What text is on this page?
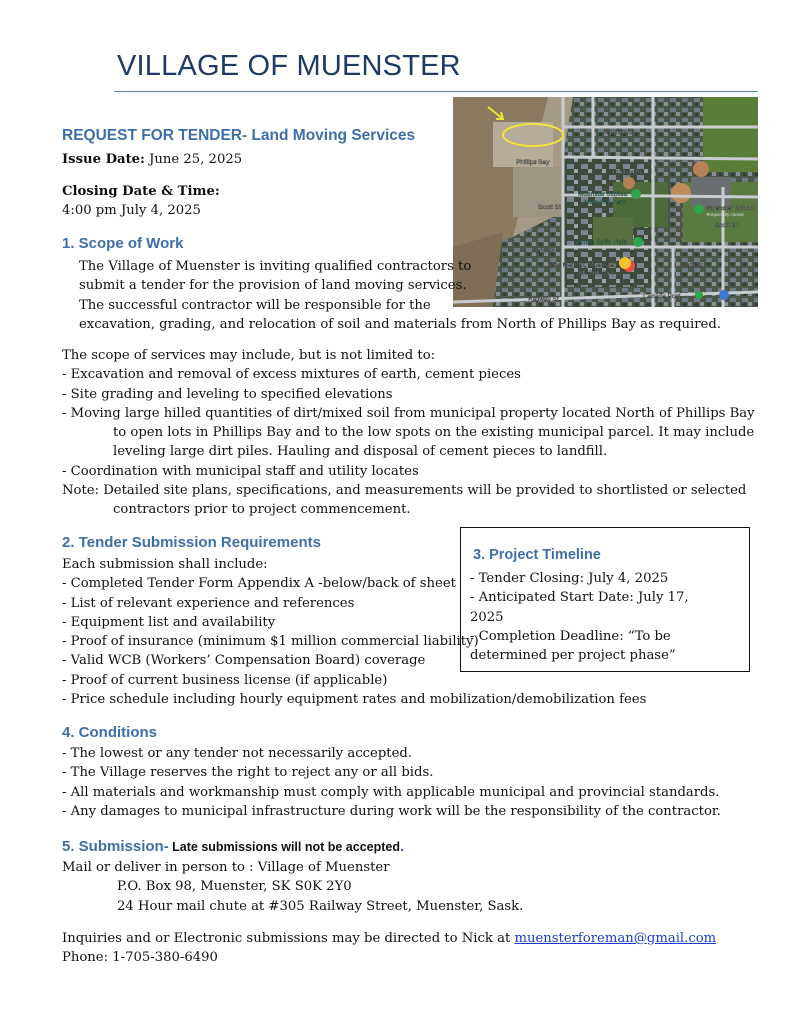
VILLAGE OF MUENSTER
REQUEST FOR TENDER- Land Moving Services
Issue Date: June 25, 2025
Closing Date & Time:
4:00 pm July 4, 2025
Taphorn St
Phillips Bay
Phillips St
Scott St
Scott St
Main St
Main St
Railway St	Canada Post
204 Main St, Muenster,
SK S0K 2Y0
Muenster School
Muenster Jubilee
Memorial Park
James Kuffe Field
Temporarily closed
1. Scope of Work
The Village of Muenster is inviting qualified contractors to
submit a tender for the provision of land moving services.
The successful contractor will be responsible for the
excavation, grading, and relocation of soil and materials from North of Phillips Bay as required.
The scope of services may include, but is not limited to:
- Excavation and removal of excess mixtures of earth, cement pieces
- Site grading and leveling to specified elevations
- Moving large hilled quantities of dirt/mixed soil from municipal property located North of Phillips Bay to open lots in Phillips Bay and to the low spots on the existing municipal parcel. It may include leveling large dirt piles. Hauling and disposal of cement pieces to landfill.
- Coordination with municipal staff and utility locates
Note: Detailed site plans, specifications, and measurements will be provided to shortlisted or selected contractors prior to project commencement.
2. Tender Submission Requirements
Each submission shall include:
- Completed Tender Form Appendix A -below/back of sheet
- List of relevant experience and references
- Equipment list and availability
- Proof of insurance (minimum $1 million commercial liability)
- Valid WCB (Workers’ Compensation Board) coverage
- Proof of current business license (if applicable)
- Price schedule including hourly equipment rates and mobilization/demobilization fees
3. Project Timeline
- Tender Closing: July 4, 2025
- Anticipated Start Date: July 17,
2025
- Completion Deadline: “To be
determined per project phase”
4. Conditions
- The lowest or any tender not necessarily accepted.
- The Village reserves the right to reject any or all bids.
- All materials and workmanship must comply with applicable municipal and provincial standards.
- Any damages to municipal infrastructure during work will be the responsibility of the contractor.
5. Submission- Late submissions will not be accepted.
Mail or deliver in person to : Village of Muenster
P.O. Box 98, Muenster, SK S0K 2Y0
24 Hour mail chute at #305 Railway Street, Muenster, Sask.
Inquiries and or Electronic submissions may be directed to Nick at muensterforeman@gmail.com
Phone: 1-705-380-6490
